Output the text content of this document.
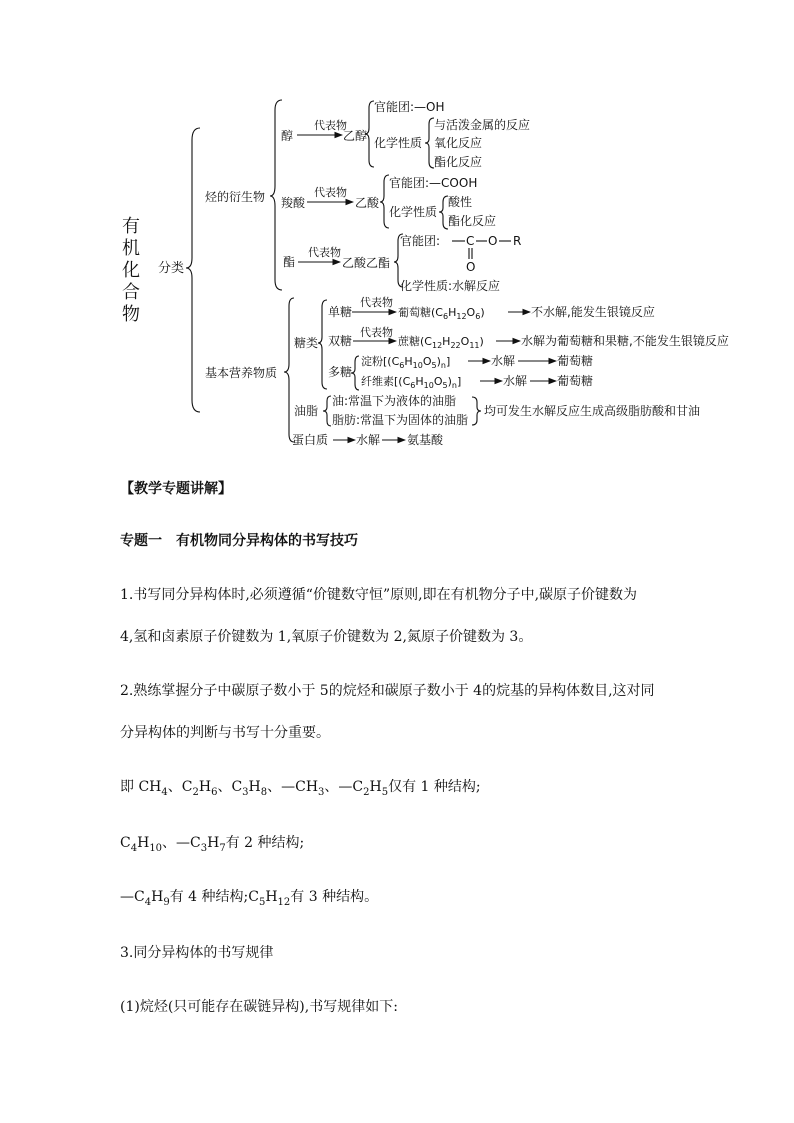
有
机
化
合
物
分类
烃的衍生物
基本营养物质
醇
代表物
乙醇
官能团:—OH
化学性质
与活泼金属的反应
氧化反应
酯化反应
羧酸
代表物
乙酸
官能团:—COOH
化学性质
酸性
酯化反应
酯
代表物
乙酸乙酯
官能团: C O R
O
化学性质:水解反应
糖类
单糖
代表物
葡萄糖$(C_6H_{12}O_6)$	不水解,能发生银镜反应
双糖
代表物
蔗糖$(C_{12}H_{22}O_{11})$	水解为葡萄糖和果糖,不能发生银镜反应
多糖
淀粉$[(C_6H_{10}O_5)_n]$	水解	葡萄糖
纤维素$[(C_6H_{10}O_5)_n]$	水解 葡萄糖
油脂
油:常温下为液体的油脂
脂肪:常温下为固体的油脂
均可发生水解反应生成高级脂肪酸和甘油
蛋白质 水解 氨基酸

【教学专题讲解】

专题一　有机物同分异构体的书写技巧

1.书写同分异构体时,必须遵循“价键数守恒”原则,即在有机物分子中,碳原子价键数为

4,氢和卤素原子价键数为 1,氧原子价键数为 2,氮原子价键数为 3。

2.熟练掌握分子中碳原子数小于 5的烷烃和碳原子数小于 4的烷基的异构体数目,这对同

分异构体的判断与书写十分重要。

即 $CH_4$、$C_2H_6$、$C_3H_8$、$—CH_3$、$—C_2H_5$仅有 1 种结构;

$C_4H_{10}$、$—C_3H_7$有 2 种结构;

$—C_4H_9$有 4 种结构$;C_5H_{12}$有 3 种结构。

3.同分异构体的书写规律

(1)烷烃(只可能存在碳链异构),书写规律如下:
